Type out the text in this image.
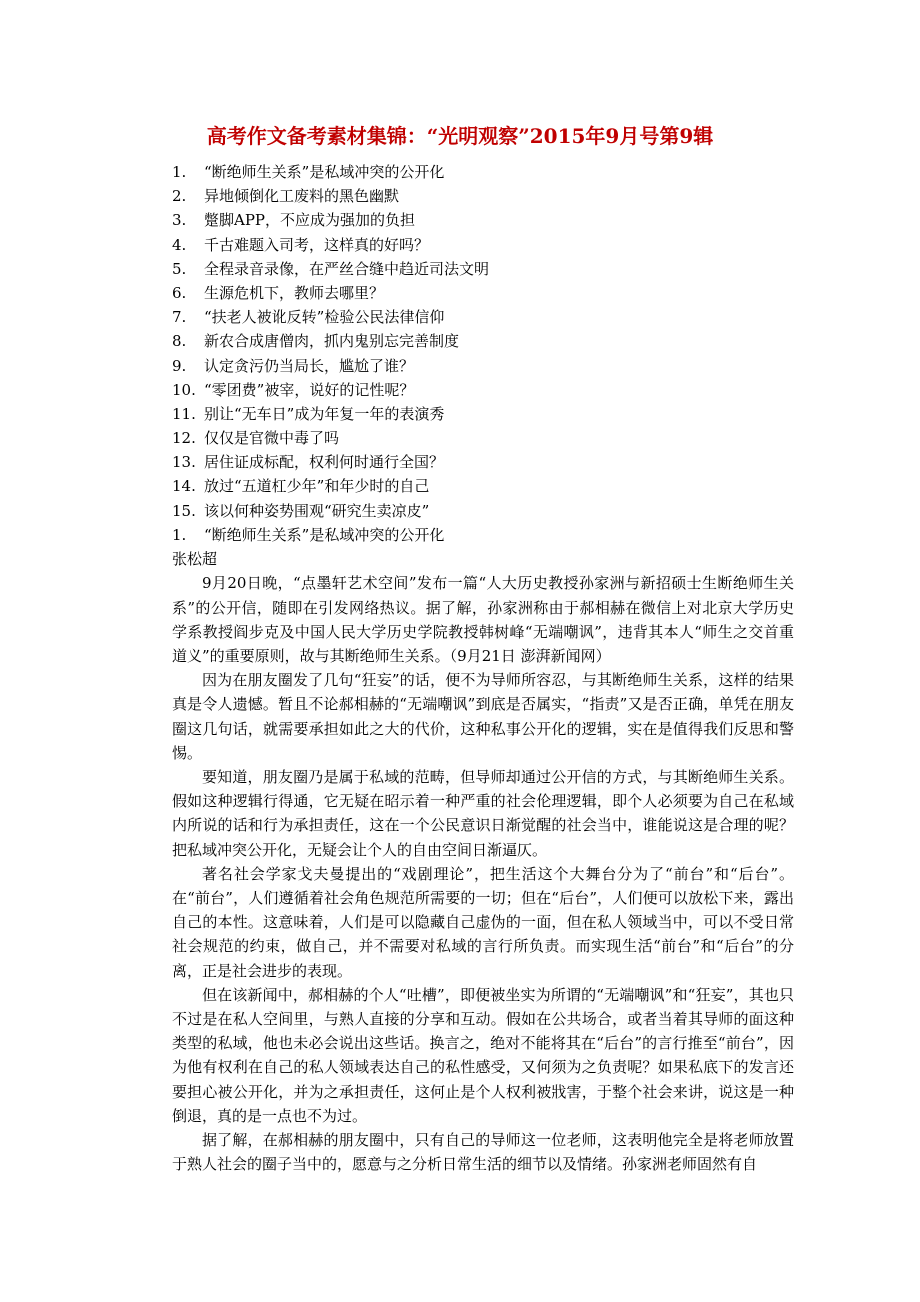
高考作文备考素材集锦：“光明观察”2015年9月号第9辑
1. “断绝师生关系”是私域冲突的公开化
2. 异地倾倒化工废料的黑色幽默
3. 蹩脚APP，不应成为强加的负担
4. 千古难题入司考，这样真的好吗？
5. 全程录音录像，在严丝合缝中趋近司法文明
6. 生源危机下，教师去哪里？
7. “扶老人被讹反转”检验公民法律信仰
8. 新农合成唐僧肉，抓内鬼别忘完善制度
9. 认定贪污仍当局长，尴尬了谁？
10. “零团费”被宰，说好的记性呢？
11. 别让“无车日”成为年复一年的表演秀
12. 仅仅是官微中毒了吗
13. 居住证成标配，权利何时通行全国？
14. 放过“五道杠少年”和年少时的自己
15. 该以何种姿势围观“研究生卖凉皮”
1. “断绝师生关系”是私域冲突的公开化
张松超

9月20日晚，“点墨轩艺术空间”发布一篇“人大历史教授孙家洲与新招硕士生断绝师生关系”的公开信，随即在引发网络热议。据了解，孙家洲称由于郝相赫在微信上对北京大学历史学系教授阎步克及中国人民大学历史学院教授韩树峰“无端嘲讽”，违背其本人“师生之交首重道义”的重要原则，故与其断绝师生关系。（9月21日 澎湃新闻网）

因为在朋友圈发了几句“狂妄”的话，便不为导师所容忍，与其断绝师生关系，这样的结果真是令人遗憾。暂且不论郝相赫的“无端嘲讽”到底是否属实，“指责”又是否正确，单凭在朋友圈这几句话，就需要承担如此之大的代价，这种私事公开化的逻辑，实在是值得我们反思和警惕。

要知道，朋友圈乃是属于私域的范畴，但导师却通过公开信的方式，与其断绝师生关系。假如这种逻辑行得通，它无疑在昭示着一种严重的社会伦理逻辑，即个人必须要为自己在私域内所说的话和行为承担责任，这在一个公民意识日渐觉醒的社会当中，谁能说这是合理的呢？把私域冲突公开化，无疑会让个人的自由空间日渐逼仄。

著名社会学家戈夫曼提出的“戏剧理论”，把生活这个大舞台分为了“前台”和“后台”。在“前台”，人们遵循着社会角色规范所需要的一切；但在“后台”，人们便可以放松下来，露出自己的本性。这意味着，人们是可以隐藏自己虚伪的一面，但在私人领域当中，可以不受日常社会规范的约束，做自己，并不需要对私域的言行所负责。而实现生活“前台”和“后台”的分离，正是社会进步的表现。

但在该新闻中，郝相赫的个人“吐槽”，即便被坐实为所谓的“无端嘲讽”和“狂妄”，其也只不过是在私人空间里，与熟人直接的分享和互动。假如在公共场合，或者当着其导师的面这种类型的私域，他也未必会说出这些话。换言之，绝对不能将其在“后台”的言行推至“前台”，因为他有权利在自己的私人领域表达自己的私性感受，又何须为之负责呢？如果私底下的发言还要担心被公开化，并为之承担责任，这何止是个人权利被戕害，于整个社会来讲，说这是一种倒退，真的是一点也不为过。

据了解，在郝相赫的朋友圈中，只有自己的导师这一位老师，这表明他完全是将老师放置于熟人社会的圈子当中的，愿意与之分析日常生活的细节以及情绪。孙家洲老师固然有自
